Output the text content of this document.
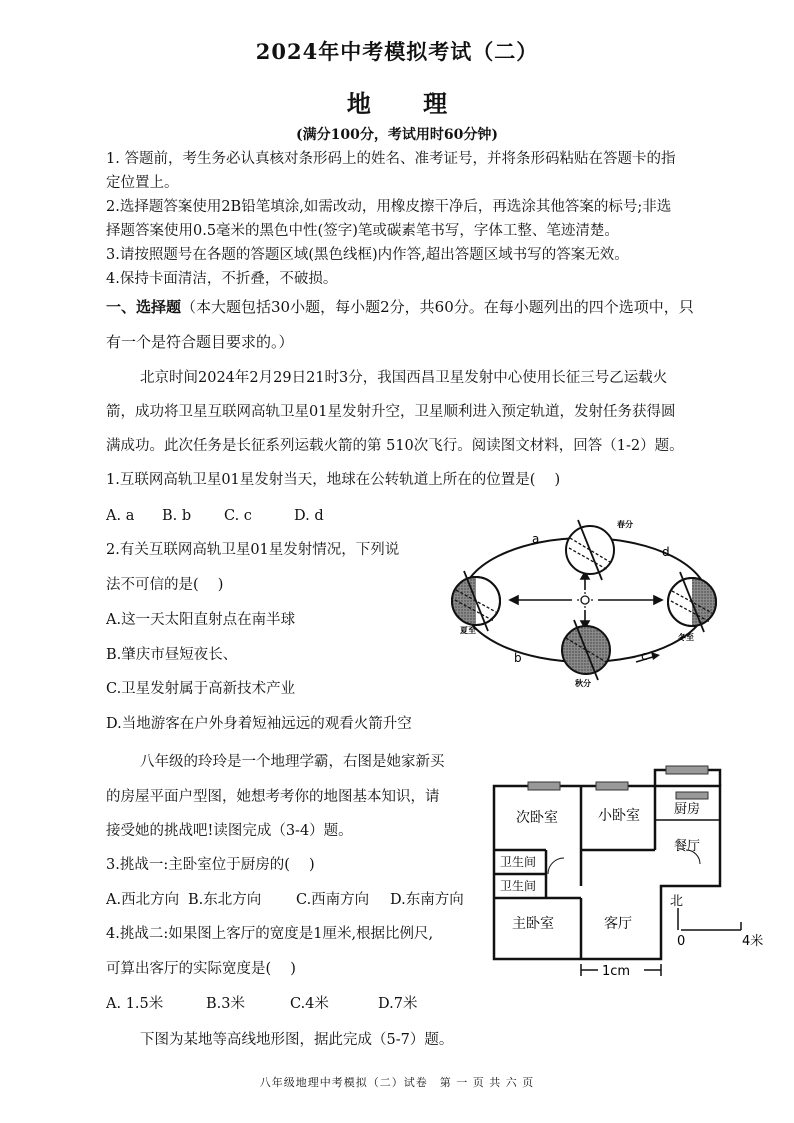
2024年中考模拟考试（二）
地 理
(满分100分，考试用时60分钟)
1. 答题前，考生务必认真核对条形码上的姓名、准考证号，并将条形码粘贴在答题卡的指
定位置上。
2.选择题答案使用2B铅笔填涂,如需改动，用橡皮擦干净后，再选涂其他答案的标号;非选
择题答案使用0.5毫米的黑色中性(签字)笔或碳素笔书写，字体工整、笔迹清楚。
3.请按照题号在各题的答题区域(黑色线框)内作答,超出答题区域书写的答案无效。
4.保持卡面清洁，不折叠，不破损。
一、选择题（本大题包括30小题，每小题2分，共60分。在每小题列出的四个选项中，只
有一个是符合题目要求的。）
北京时间2024年2月29日21时3分，我国西昌卫星发射中心使用长征三号乙运载火
箭，成功将卫星互联网高轨卫星01星发射升空，卫星顺利进入预定轨道，发射任务获得圆
满成功。此次任务是长征系列运载火箭的第 510次飞行。阅读图文材料，回答（1-2）题。
1.互联网高轨卫星01星发射当天，地球在公转轨道上所在的位置是(　 )
A. a B. b C. c	D. d
2.有关互联网高轨卫星01星发射情况，下列说
法不可信的是(　 )
A.这一天太阳直射点在南半球
B.肇庆市昼短夜长、
C.卫星发射属于高新技术产业
D.当地游客在户外身着短袖远远的观看火箭升空
a
b	c
d
春分
夏至
秋分
冬至
八年级的玲玲是一个地理学霸，右图是她家新买
的房屋平面户型图，她想考考你的地图基本知识，请
接受她的挑战吧!读图完成（3-4）题。
3.挑战一:主卧室位于厨房的(　 )
A.西北方向 B.东北方向 C.西南方向 D.东南方向
4.挑战二:如果图上客厅的宽度是1厘米,根据比例尺,
可算出客厅的实际宽度是(　 )
A. 1.5米	B.3米	C.4米	D.7米
次卧室	小卧室	厨房
餐厅
卫生间
卫生间
主卧室	客厅
北
0	4米
1cm
下图为某地等高线地形图，据此完成（5-7）题。
八年级地理中考模拟（二）试卷　第 一 页 共 六 页
